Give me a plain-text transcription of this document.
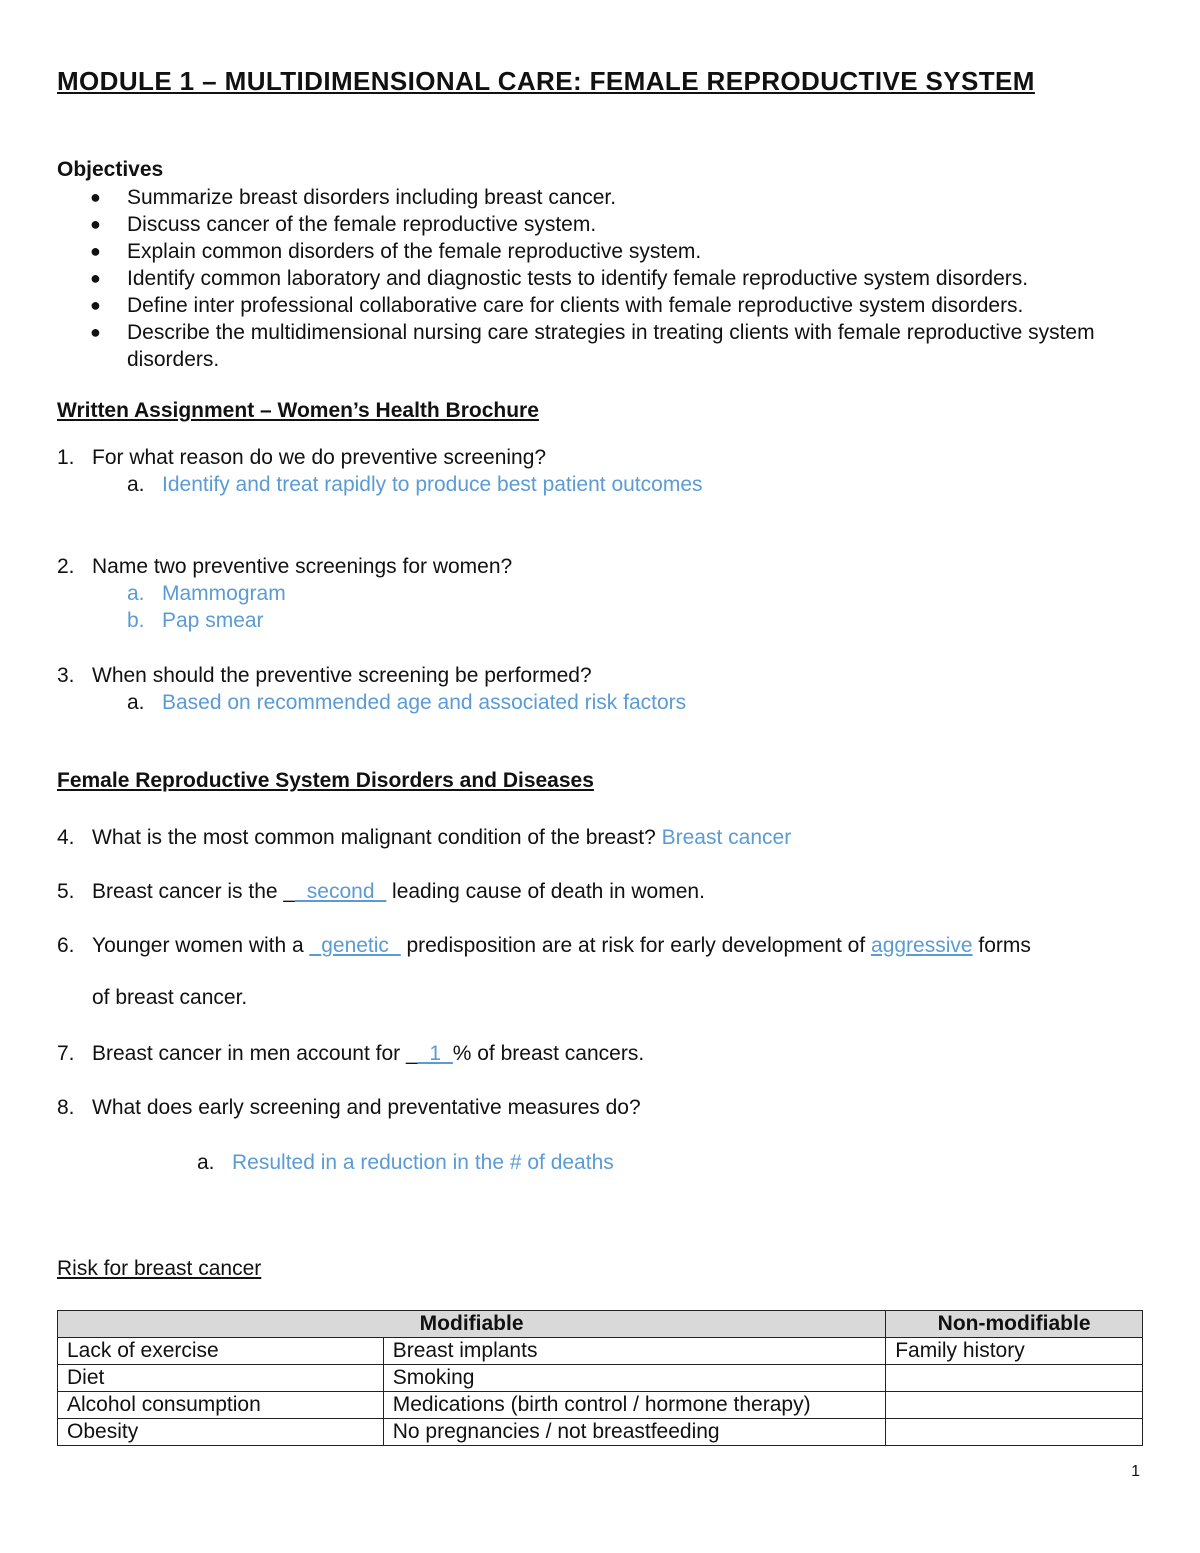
MODULE 1 – MULTIDIMENSIONAL CARE: FEMALE REPRODUCTIVE SYSTEM
Objectives
● Summarize breast disorders including breast cancer.
● Discuss cancer of the female reproductive system.
● Explain common disorders of the female reproductive system.
● Identify common laboratory and diagnostic tests to identify female reproductive system disorders.
● Define inter professional collaborative care for clients with female reproductive system disorders.
● Describe the multidimensional nursing care strategies in treating clients with female reproductive system disorders.
Written Assignment – Women’s Health Brochure
1. For what reason do we do preventive screening?
a. Identify and treat rapidly to produce best patient outcomes
2. Name two preventive screenings for women?
a. Mammogram
b. Pap smear
3. When should the preventive screening be performed?
a. Based on recommended age and associated risk factors
Female Reproductive System Disorders and Diseases
4. What is the most common malignant condition of the breast? Breast cancer
5. Breast cancer is the __second_ leading cause of death in women.
6. Younger women with a _genetic_ predisposition are at risk for early development of aggressive forms
of breast cancer.
7. Breast cancer in men account for __1_% of breast cancers.
8. What does early screening and preventative measures do?
a. Resulted in a reduction in the # of deaths
Risk for breast cancer
Modifiable		Non-modifiable
Lack of exercise	Breast implants	Family history
Diet	Smoking	
Alcohol consumption	Medications (birth control / hormone therapy)	
Obesity	No pregnancies / not breastfeeding	
1
